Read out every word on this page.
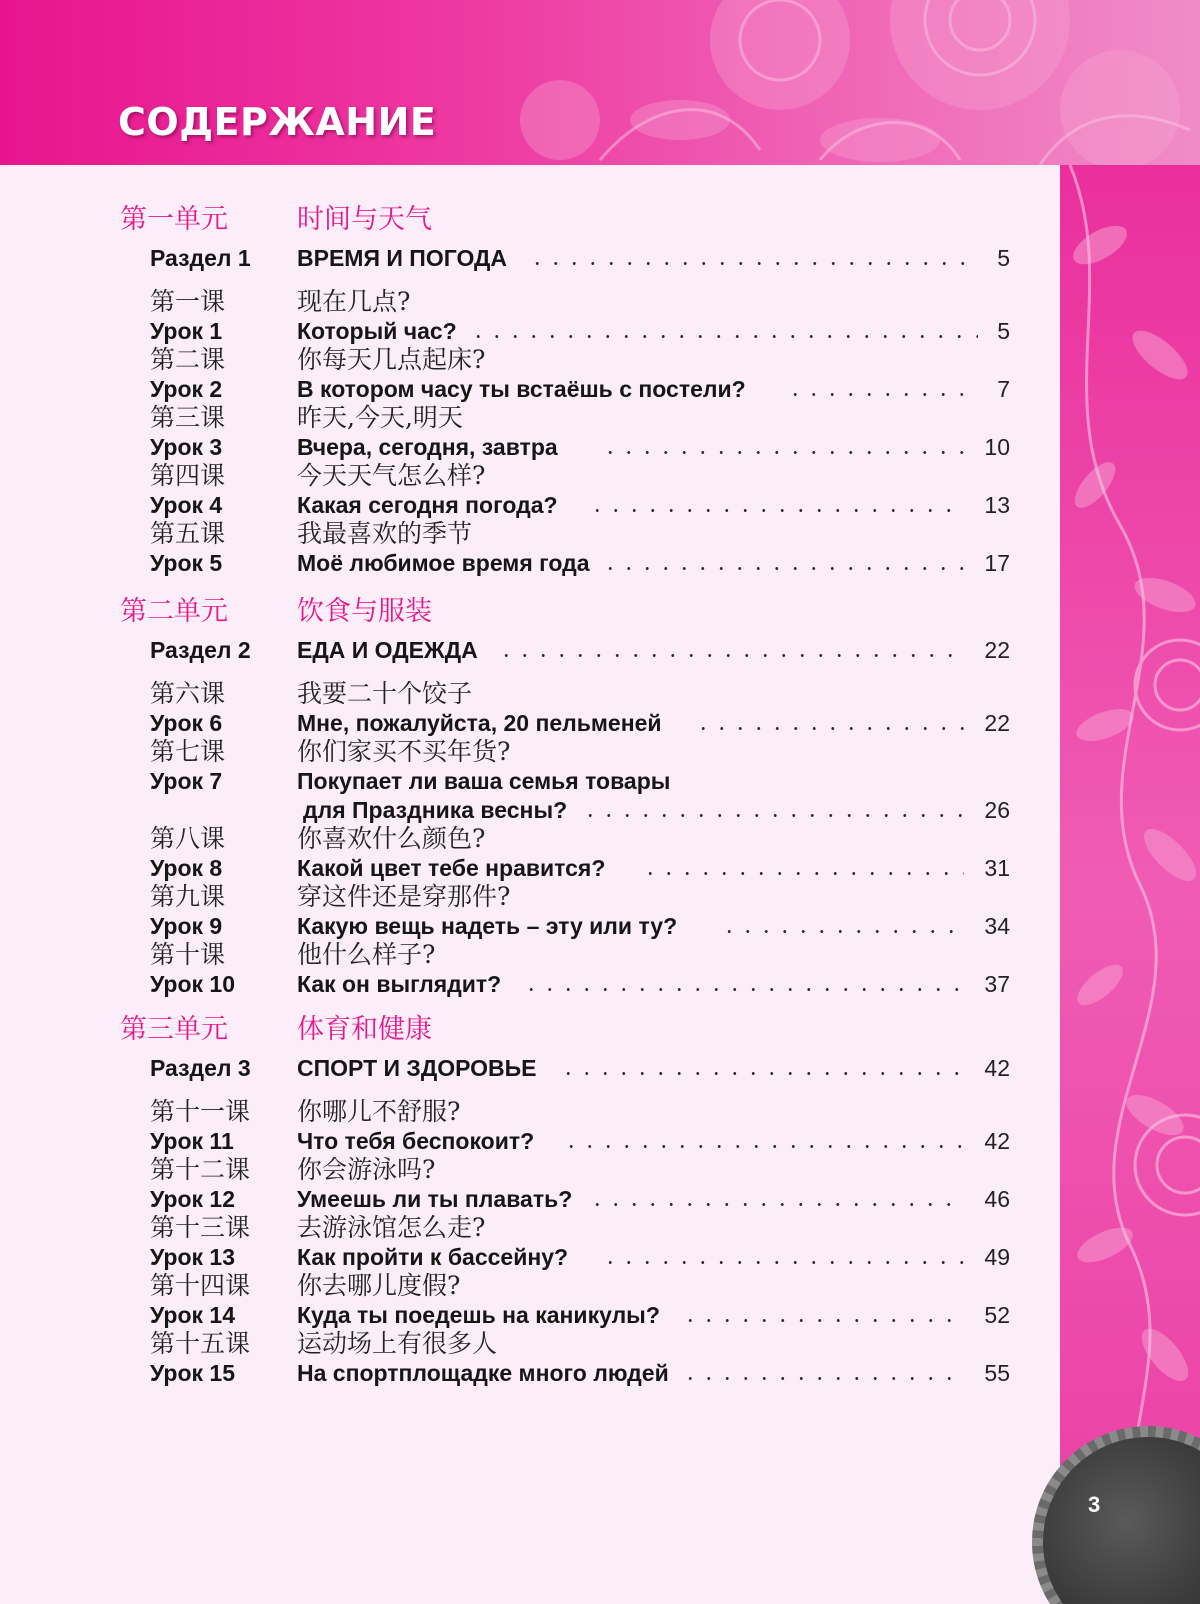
СОДЕРЖАНИЕ
第一单元	时间与天气
Раздел 1 ВРЕМЯ И ПОГОДА	5
第一课	现在几点?
Урок 1	Который час?	5
第二课	你每天几点起床?
Урок 2	В котором часу ты встаёшь с постели?	7
第三课	昨天,今天,明天
Урок 3	Вчера, сегодня, завтра	10
第四课	今天天气怎么样?
Урок 4	Какая сегодня погода?	13
第五课	我最喜欢的季节
Урок 5	Моё любимое время года	17
第二单元	饮食与服装
Раздел 2 ЕДА И ОДЕЖДА	22
第六课	我要二十个饺子
Урок 6	Мне, пожалуйста, 20 пельменей	22
第七课	你们家买不买年货?
Урок 7	Покупает ли ваша семья товары
для Праздника весны?	26
第八课	你喜欢什么颜色?
Урок 8	Какой цвет тебе нравится?	31
第九课	穿这件还是穿那件?
Урок 9	Какую вещь надеть – эту или ту?	34
第十课	他什么样子?
Урок 10	Как он выглядит?	37
第三单元	体育和健康
Раздел 3 СПОРТ И ЗДОРОВЬЕ	42
第十一课 你哪儿不舒服?
Урок 11	Что тебя беспокоит?	42
第十二课 你会游泳吗?
Урок 12	Умеешь ли ты плавать?	46
第十三课 去游泳馆怎么走?
Урок 13	Как пройти к бассейну?	49
第十四课 你去哪儿度假?
Урок 14	Куда ты поедешь на каникулы?	52
第十五课 运动场上有很多人
Урок 15	На спортплощадке много людей	55
3
